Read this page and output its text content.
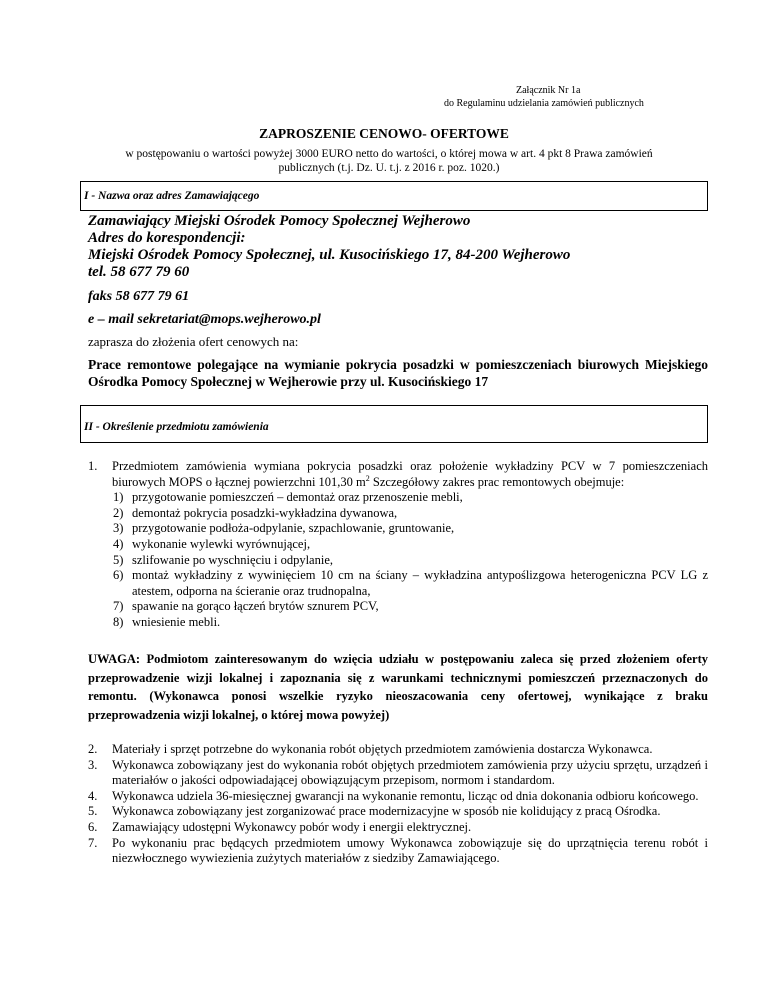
Załącznik Nr 1a
do Regulaminu udzielania zamówień publicznych
ZAPROSZENIE CENOWO- OFERTOWE
w postępowaniu o wartości powyżej 3000 EURO netto do wartości, o której mowa w art. 4 pkt 8 Prawa zamówień publicznych (t.j. Dz. U. t.j. z 2016 r. poz. 1020.)
I - Nazwa oraz adres Zamawiającego
Zamawiający Miejski Ośrodek Pomocy Społecznej Wejherowo
Adres do korespondencji:
Miejski Ośrodek Pomocy Społecznej, ul. Kusocińskiego 17, 84-200 Wejherowo
tel. 58 677 79 60
faks 58 677 79 61
e – mail sekretariat@mops.wejherowo.pl
zaprasza do złożenia ofert cenowych na:
Prace remontowe polegające na wymianie pokrycia posadzki w pomieszczeniach biurowych Miejskiego Ośrodka Pomocy Społecznej w Wejherowie przy ul. Kusocińskiego 17
II - Określenie przedmiotu zamówienia
1. Przedmiotem zamówienia wymiana pokrycia posadzki oraz położenie wykładziny PCV w 7 pomieszczeniach biurowych MOPS o łącznej powierzchni 101,30 $m^2$ Szczegółowy zakres prac remontowych obejmuje:
1) przygotowanie pomieszczeń – demontaż oraz przenoszenie mebli,
2) demontaż pokrycia posadzki-wykładzina dywanowa,
3) przygotowanie podłoża-odpylanie, szpachlowanie, gruntowanie,
4) wykonanie wylewki wyrównującej,
5) szlifowanie po wyschnięciu i odpylanie,
6) montaż wykładziny z wywinięciem 10 cm na ściany – wykładzina antypoślizgowa heterogeniczna PCV LG z atestem, odporna na ścieranie oraz trudnopalna,
7) spawanie na gorąco łączeń brytów sznurem PCV,
8) wniesienie mebli.
UWAGA: Podmiotom zainteresowanym do wzięcia udziału w postępowaniu zaleca się przed złożeniem oferty przeprowadzenie wizji lokalnej i zapoznania się z warunkami technicznymi pomieszczeń przeznaczonych do remontu. (Wykonawca ponosi wszelkie ryzyko nieoszacowania ceny ofertowej, wynikające z braku przeprowadzenia wizji lokalnej, o której mowa powyżej)
2. Materiały i sprzęt potrzebne do wykonania robót objętych przedmiotem zamówienia dostarcza Wykonawca.
3. Wykonawca zobowiązany jest do wykonania robót objętych przedmiotem zamówienia przy użyciu sprzętu, urządzeń i materiałów o jakości odpowiadającej obowiązującym przepisom, normom i standardom.
4. Wykonawca udziela 36-miesięcznej gwarancji na wykonanie remontu, licząc od dnia dokonania odbioru końcowego.
5. Wykonawca zobowiązany jest zorganizować prace modernizacyjne w sposób nie kolidujący z pracą Ośrodka.
6. Zamawiający udostępni Wykonawcy pobór wody i energii elektrycznej.
7. Po wykonaniu prac będących przedmiotem umowy Wykonawca zobowiązuje się do uprzątnięcia terenu robót i niezwłocznego wywiezienia zużytych materiałów z siedziby Zamawiającego.
